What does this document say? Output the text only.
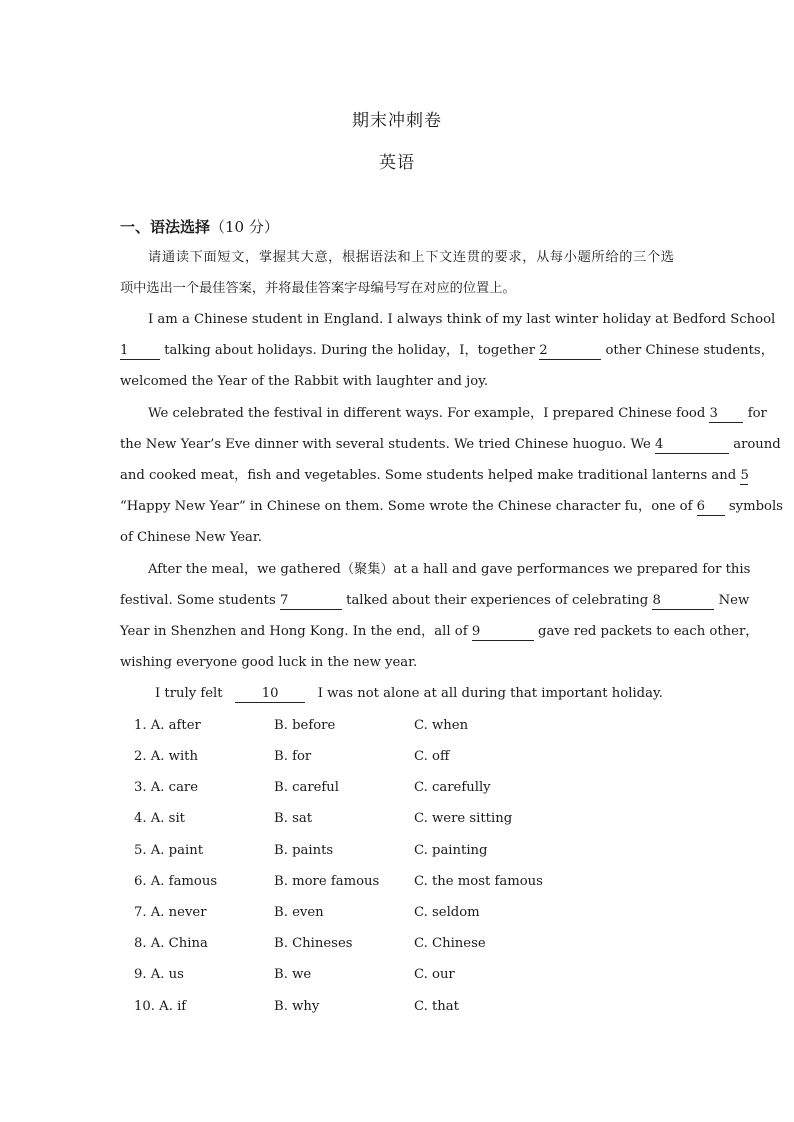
期末冲刺卷
英语
一、语法选择（10 分）
请通读下面短文，掌握其大意，根据语法和上下文连贯的要求，从每小题所给的三个选
项中选出一个最佳答案，并将最佳答案字母编号写在对应的位置上。
I am a Chinese student in England. I always think of my last winter holiday at Bedford School
1	talking about holidays. During the holiday，I，together 2	other Chinese students，
welcomed the Year of the Rabbit with laughter and joy.
We celebrated the festival in different ways. For example，I prepared Chinese food 3 for
the New Year’s Eve dinner with several students. We tried Chinese huoguo. We 4	around
and cooked meat，fish and vegetables. Some students helped make traditional lanterns and 5
“Happy New Year” in Chinese on them. Some wrote the Chinese character fu，one of 6 symbols
of Chinese New Year.
After the meal，we gathered（聚集）at a hall and gave performances we prepared for this
festival. Some students 7	talked about their experiences of celebrating 8	New
Year in Shenzhen and Hong Kong. In the end，all of 9	gave red packets to each other，
wishing everyone good luck in the new year.
I truly felt	10	I was not alone at all during that important holiday.
1. A. after	B. before	C. when
2. A. with	B. for	C. off
3. A. care	B. careful	C. carefully
4. A. sit	B. sat	C. were sitting
5. A. paint	B. paints	C. painting
6. A. famous	B. more famous	C. the most famous
7. A. never	B. even	C. seldom
8. A. China	B. Chineses	C. Chinese
9. A. us	B. we	C. our
10. A. if	B. why	C. that
